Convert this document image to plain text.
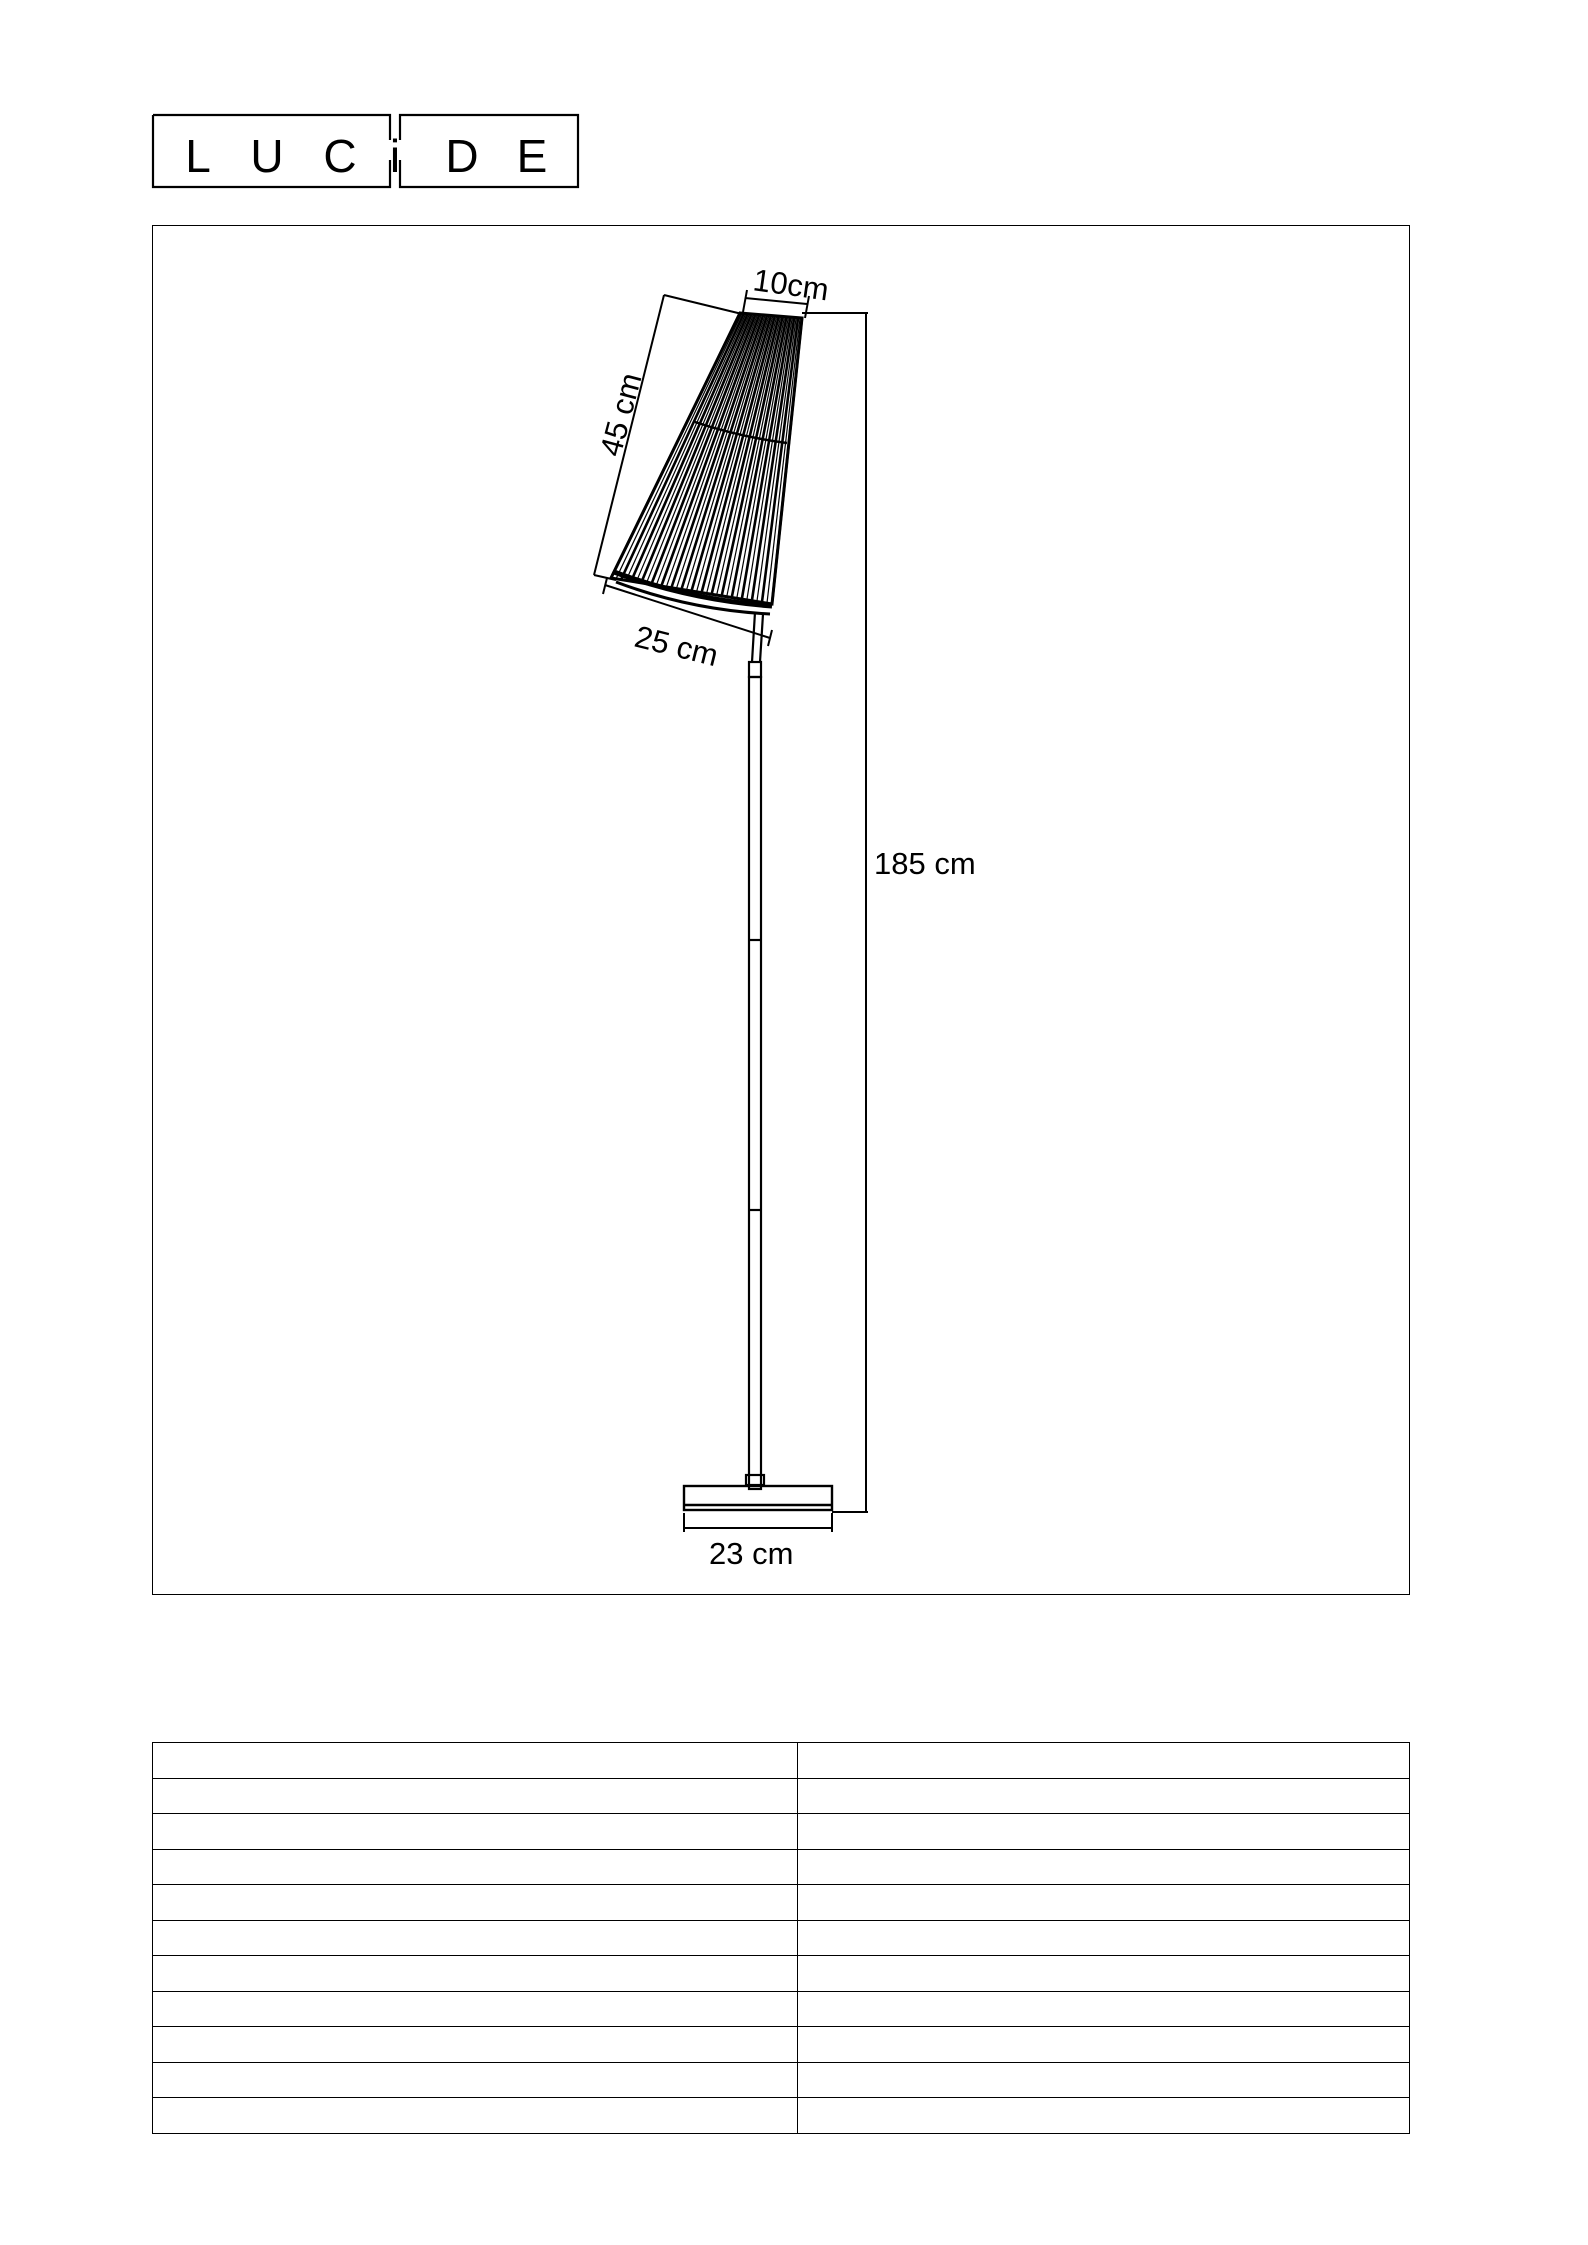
L U C i D E
10cm
45 cm
25 cm
185 cm
23 cm
